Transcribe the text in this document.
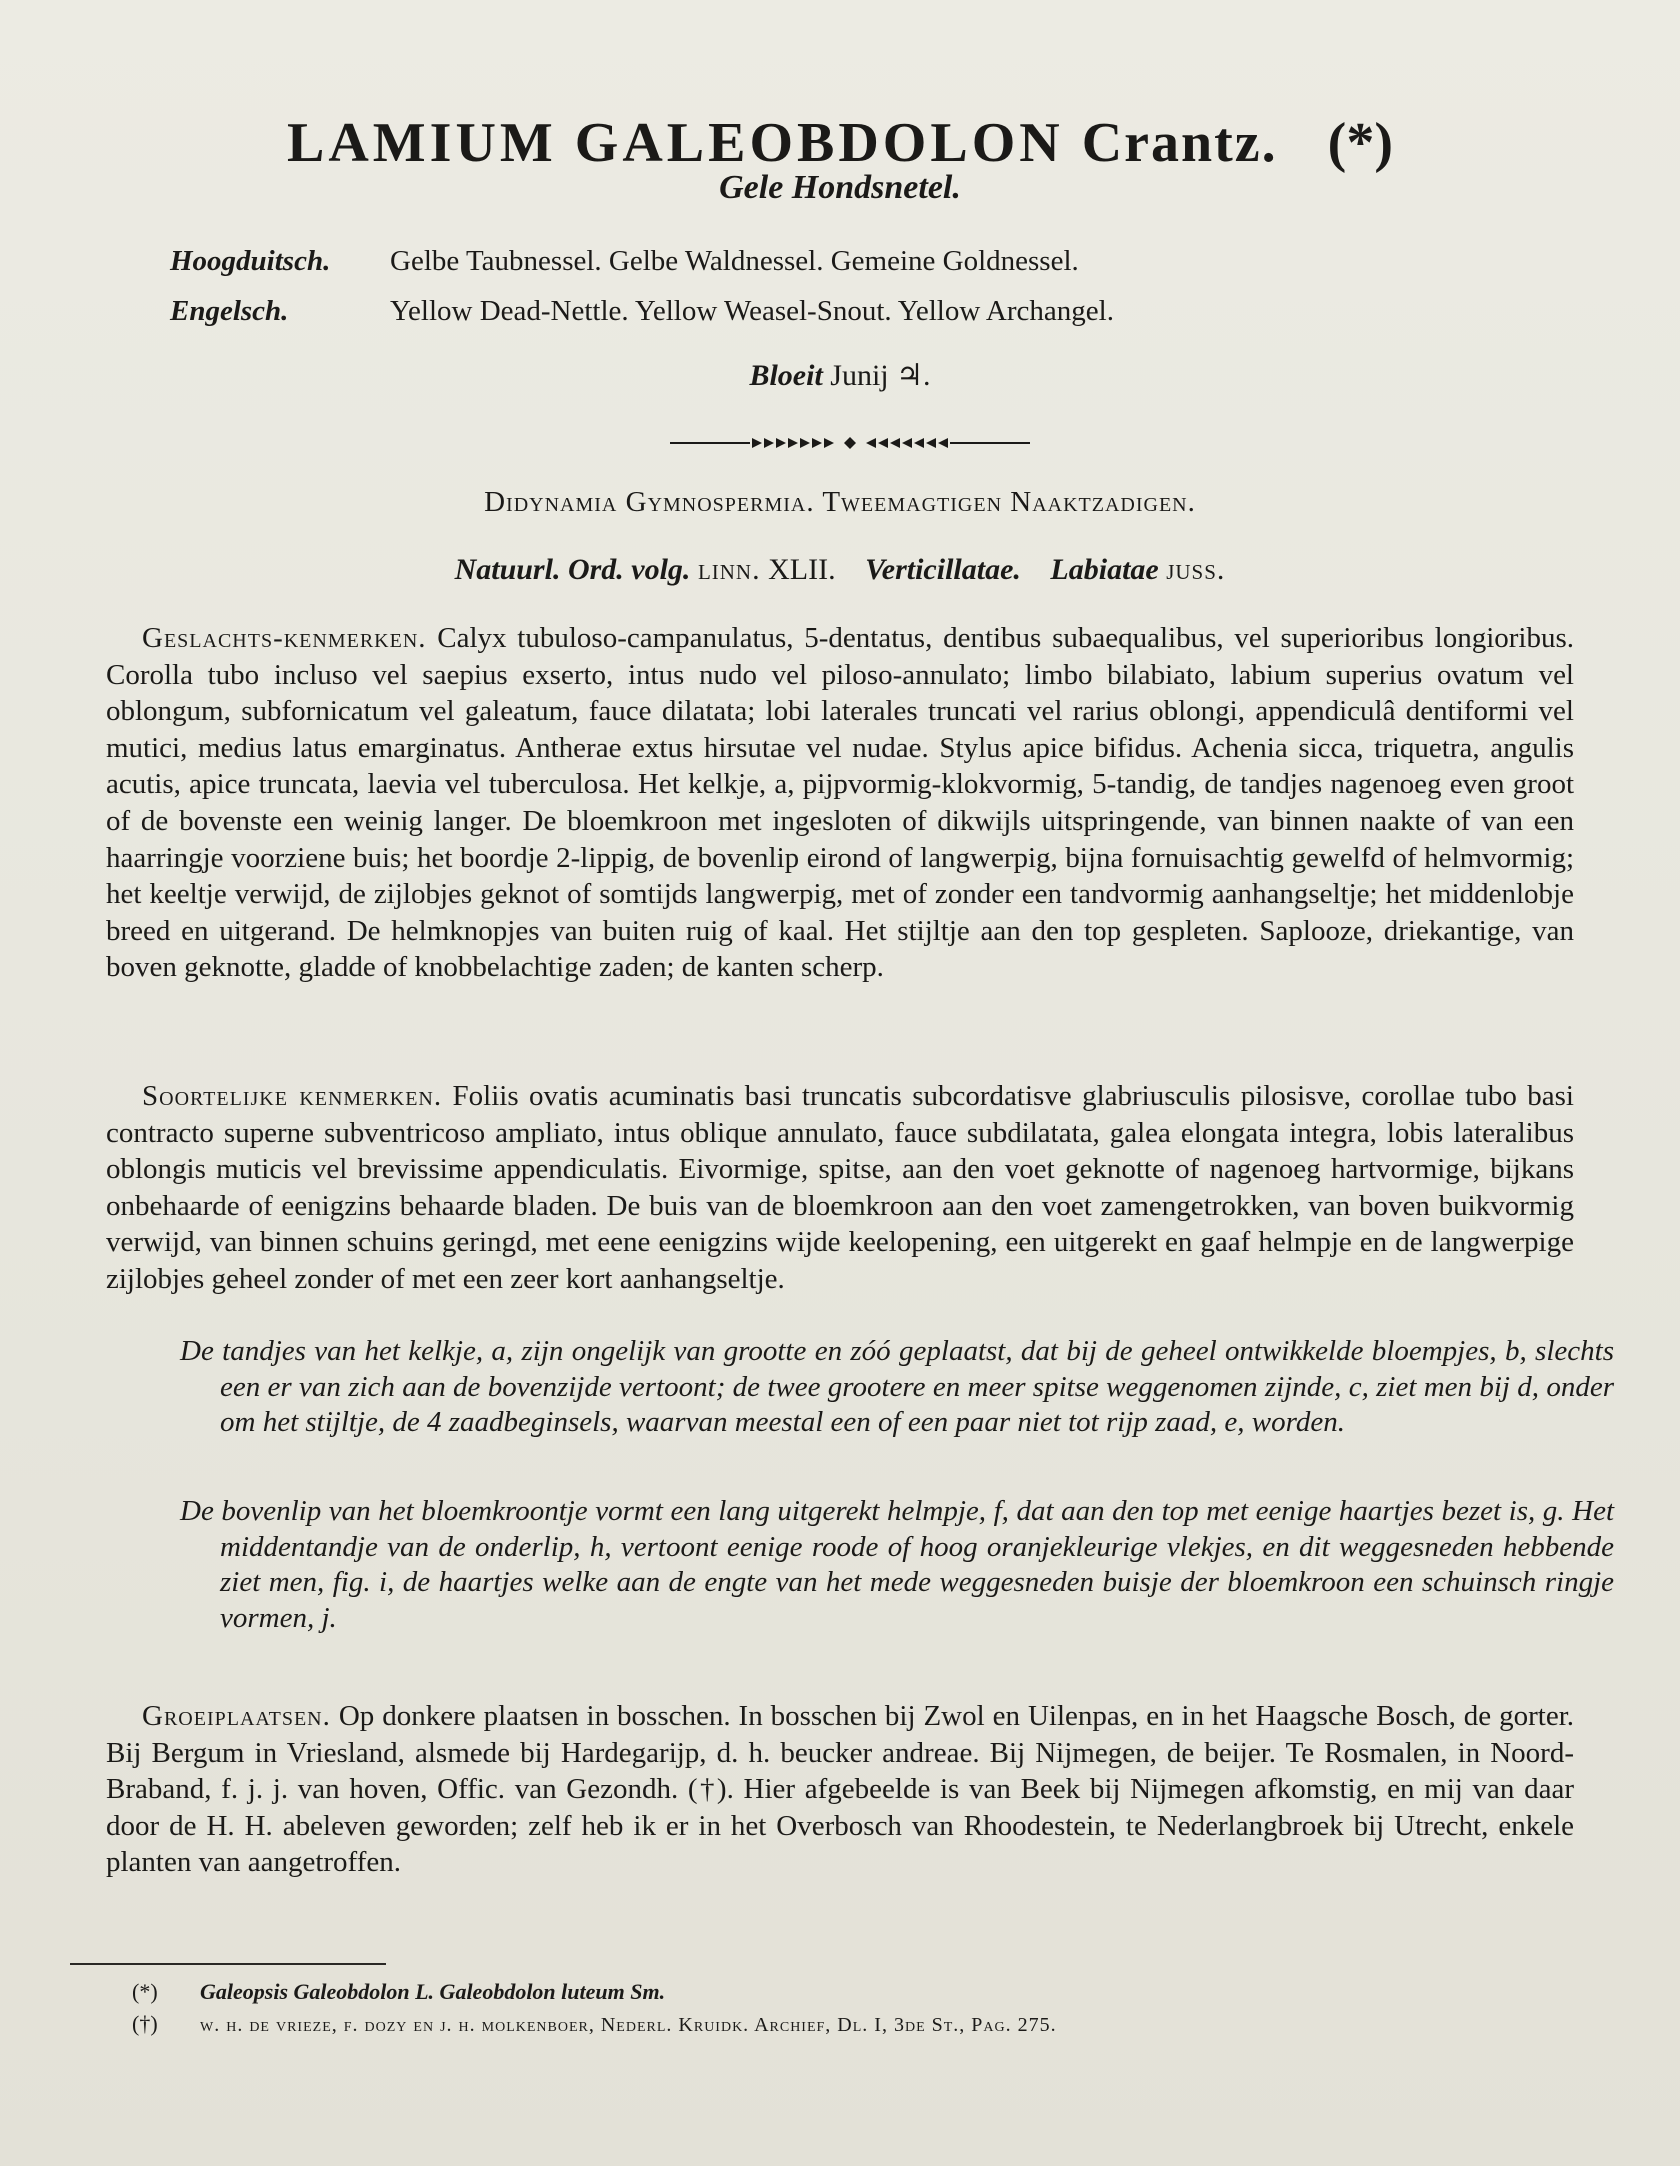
LAMIUM GALEOBDOLON Crantz. (*)
Gele Hondsnetel.
Hoogduitsch. Gelbe Taubnessel. Gelbe Waldnessel. Gemeine Goldnessel.
Engelsch.	Yellow Dead-Nettle. Yellow Weasel-Snout. Yellow Archangel.
Bloeit Junij ♃.
Didynamia Gymnospermia. Tweemagtigen Naaktzadigen.
Natuurl. Ord. volg. linn. XLII. Verticillatae. Labiatae juss.

Geslachts-kenmerken. Calyx tubuloso-campanulatus, 5-dentatus, dentibus subaequalibus, vel superioribus longioribus. Corolla tubo incluso vel saepius exserto, intus nudo vel piloso-annulato; limbo bilabiato, labium superius ovatum vel oblongum, subfornicatum vel galeatum, fauce dilatata; lobi laterales truncati vel rarius oblongi, appendiculâ dentiformi vel mutici, medius latus emarginatus. Antherae extus hirsutae vel nudae. Stylus apice bifidus. Achenia sicca, triquetra, angulis acutis, apice truncata, laevia vel tuberculosa. Het kelkje, a, pijpvormig-klokvormig, 5-tandig, de tandjes nagenoeg even groot of de bovenste een weinig langer. De bloemkroon met ingesloten of dikwijls uitspringende, van binnen naakte of van een haarringje voorziene buis; het boordje 2-lippig, de bovenlip eirond of langwerpig, bijna fornuisachtig gewelfd of helmvormig; het keeltje verwijd, de zijlobjes geknot of somtijds langwerpig, met of zonder een tandvormig aanhangseltje; het middenlobje breed en uitgerand. De helmknopjes van buiten ruig of kaal. Het stijltje aan den top gespleten. Saplooze, driekantige, van boven geknotte, gladde of knobbelachtige zaden; de kanten scherp.

Soortelijke kenmerken. Foliis ovatis acuminatis basi truncatis subcordatisve glabriusculis pilosisve, corollae tubo basi contracto superne subventricoso ampliato, intus oblique annulato, fauce subdilatata, galea elongata integra, lobis lateralibus oblongis muticis vel brevissime appendiculatis. Eivormige, spitse, aan den voet geknotte of nagenoeg hartvormige, bijkans onbehaarde of eenigzins behaarde bladen. De buis van de bloemkroon aan den voet zamengetrokken, van boven buikvormig verwijd, van binnen schuins geringd, met eene eenigzins wijde keelopening, een uitgerekt en gaaf helmpje en de langwerpige zijlobjes geheel zonder of met een zeer kort aanhangseltje.

De tandjes van het kelkje, a, zijn ongelijk van grootte en zóó geplaatst, dat bij de geheel ontwikkelde bloempjes, b, slechts een er van zich aan de bovenzijde vertoont; de twee grootere en meer spitse weggenomen zijnde, c, ziet men bij d, onder om het stijltje, de 4 zaadbeginsels, waarvan meestal een of een paar niet tot rijp zaad, e, worden.

De bovenlip van het bloemkroontje vormt een lang uitgerekt helmpje, f, dat aan den top met eenige haartjes bezet is, g. Het middentandje van de onderlip, h, vertoont eenige roode of hoog oranjekleurige vlekjes, en dit weggesneden hebbende ziet men, fig. i, de haartjes welke aan de engte van het mede weggesneden buisje der bloemkroon een schuinsch ringje vormen, j.

Groeiplaatsen. Op donkere plaatsen in bosschen. In bosschen bij Zwol en Uilenpas, en in het Haagsche Bosch, de gorter. Bij Bergum in Vriesland, alsmede bij Hardegarijp, d. h. beucker andreae. Bij Nijmegen, de beijer. Te Rosmalen, in Noord-Braband, f. j. j. van hoven, Offic. van Gezondh. (†). Hier afgebeelde is van Beek bij Nijmegen afkomstig, en mij van daar door de H. H. abeleven geworden; zelf heb ik er in het Overbosch van Rhoodestein, te Nederlangbroek bij Utrecht, enkele planten van aangetroffen.

(*) Galeopsis Galeobdolon L. Galeobdolon luteum Sm.
(†) w. h. de vrieze, f. dozy en j. h. molkenboer, Nederl. Kruidk. Archief, Dl. I, 3de St., Pag. 275.
